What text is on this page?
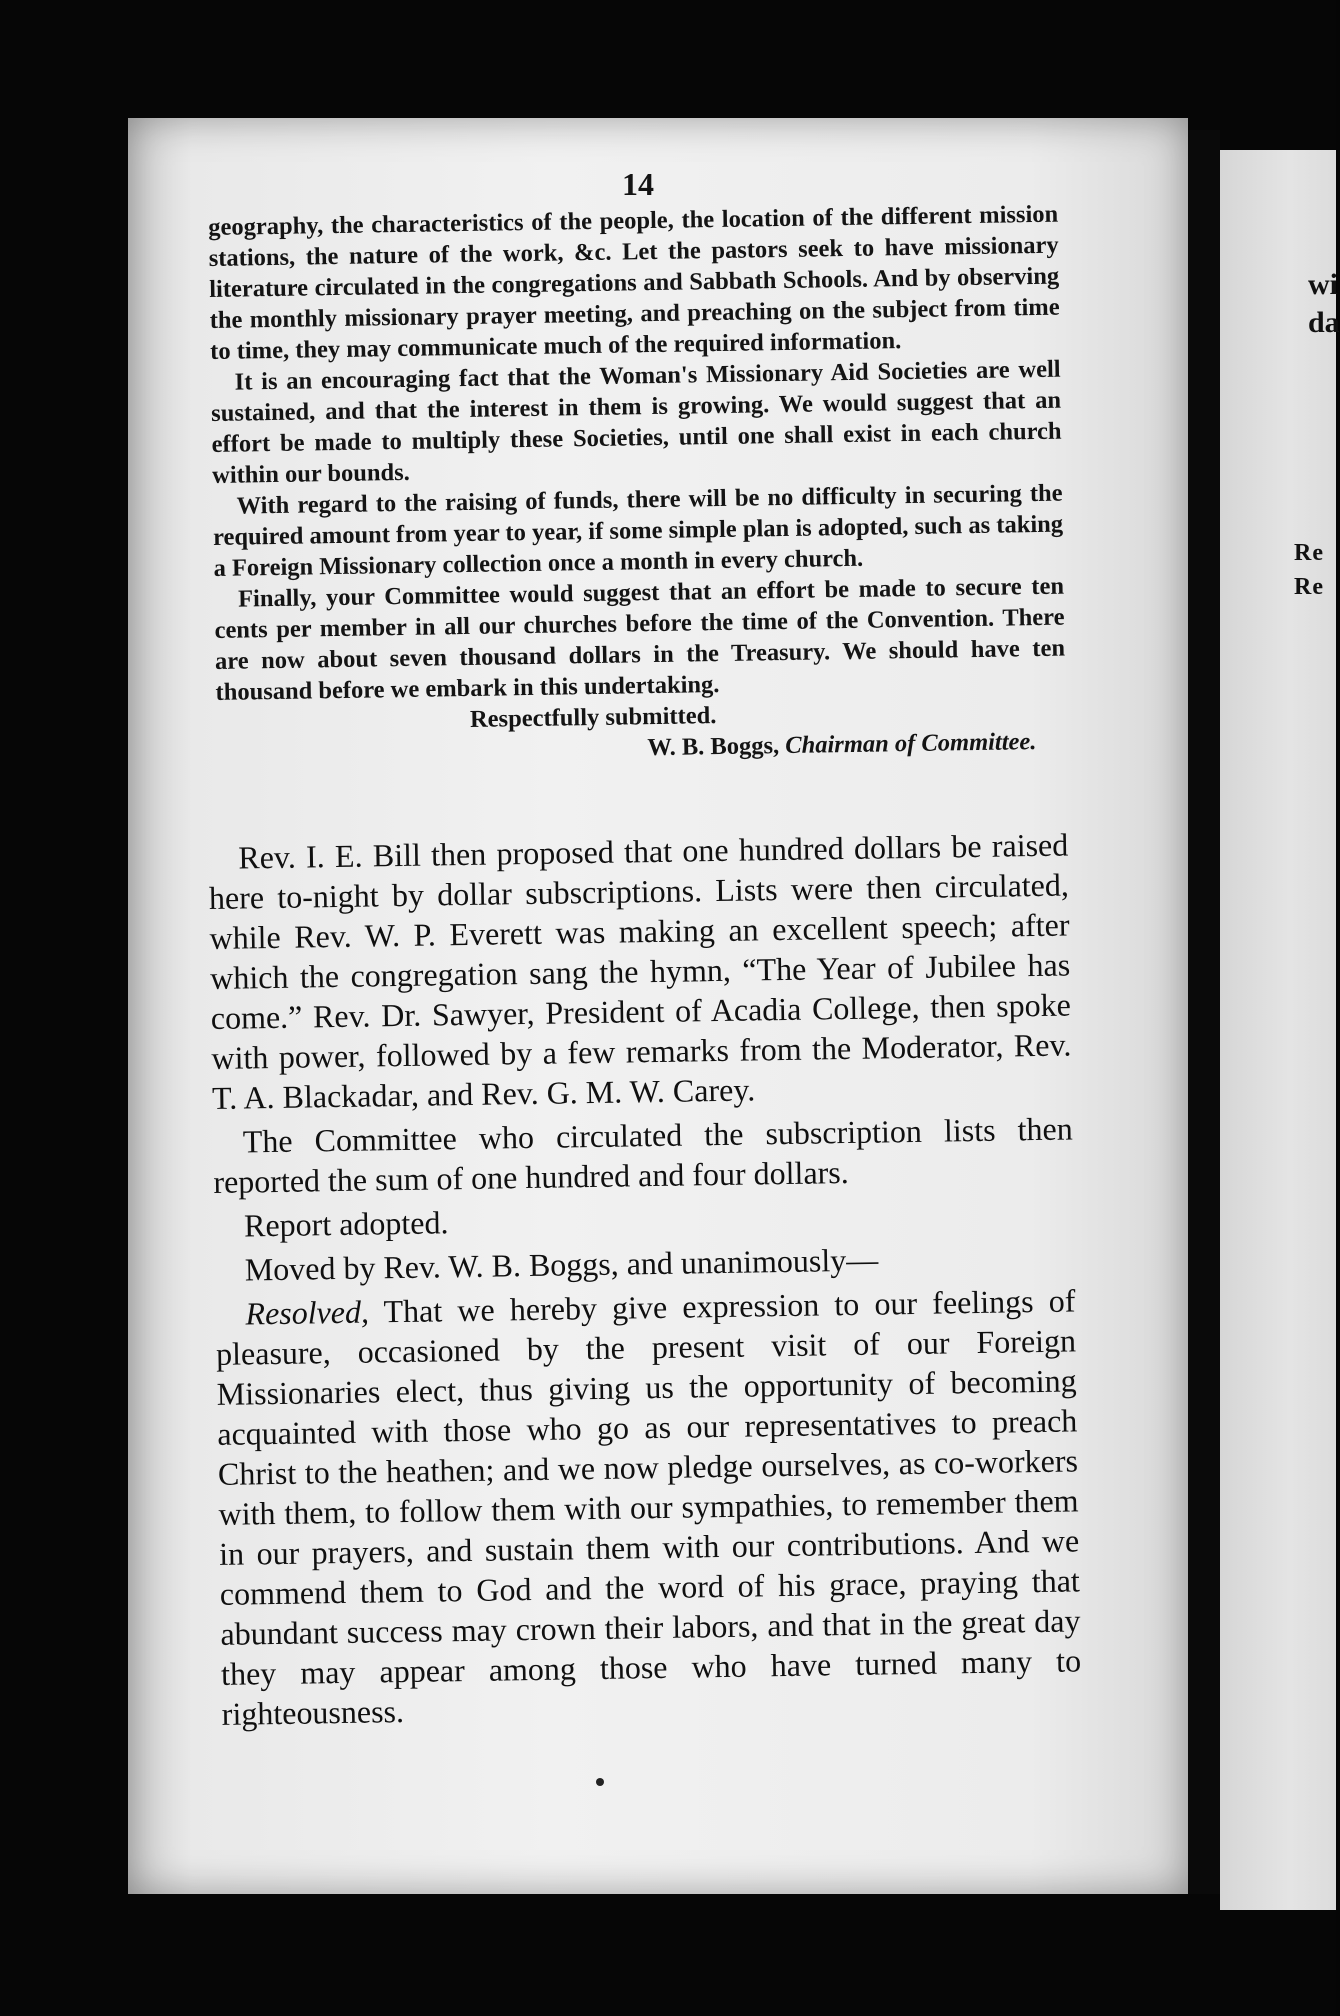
14

geography, the characteristics of the people, the location of the different mission stations, the nature of the work, &c. Let the pastors seek to have missionary literature circulated in the congregations and Sabbath Schools. And by observing the monthly missionary prayer meeting, and preaching on the subject from time to time, they may communicate much of the required information.

It is an encouraging fact that the Woman's Missionary Aid Societies are well sustained, and that the interest in them is growing. We would suggest that an effort be made to multiply these Societies, until one shall exist in each church within our bounds.

With regard to the raising of funds, there will be no difficulty in securing the required amount from year to year, if some simple plan is adopted, such as taking a Foreign Missionary collection once a month in every church.

Finally, your Committee would suggest that an effort be made to secure ten cents per member in all our churches before the time of the Convention. There are now about seven thousand dollars in the Treasury. We should have ten thousand before we embark in this undertaking.

Respectfully submitted.

W. B. Boggs, Chairman of Committee.

Rev. I. E. Bill then proposed that one hundred dollars be raised here to-night by dollar subscriptions. Lists were then circulated, while Rev. W. P. Everett was making an excellent speech; after which the congregation sang the hymn, “The Year of Jubilee has come.” Rev. Dr. Sawyer, President of Acadia College, then spoke with power, followed by a few remarks from the Moderator, Rev. T. A. Blackadar, and Rev. G. M. W. Carey.

The Committee who circulated the subscription lists then reported the sum of one hundred and four dollars.

Report adopted.

Moved by Rev. W. B. Boggs, and unanimously—

Resolved, That we hereby give expression to our feelings of pleasure, occasioned by the present visit of our Foreign Missionaries elect, thus giving us the opportunity of becoming acquainted with those who go as our representatives to preach Christ to the heathen; and we now pledge ourselves, as co-workers with them, to follow them with our sympathies, to remember them in our prayers, and sustain them with our contributions. And we commend them to God and the word of his grace, praying that abundant success may crown their labors, and that in the great day they may appear among those who have turned many to righteousness.

wi
da
Re
Re
